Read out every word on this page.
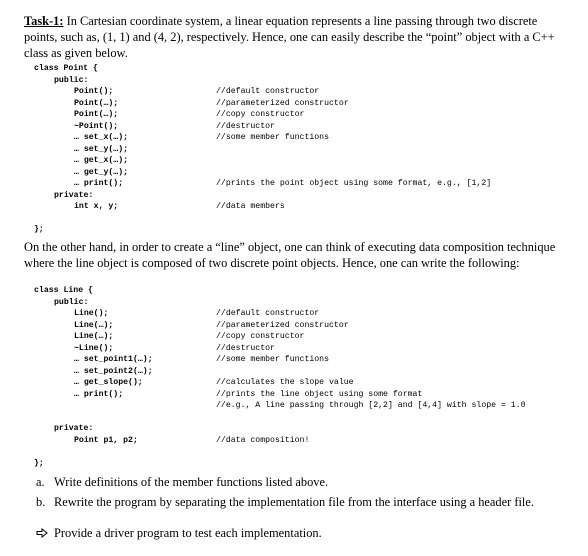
Task-1: In Cartesian coordinate system, a linear equation represents a line passing through two discrete points, such as, (1, 1) and (4, 2), respectively. Hence, one can easily describe the “point” object with a C++ class as given below.
class Point {
public:
Point();	//default constructor
Point(…);	//parameterized constructor
Point(…);	//copy constructor
~Point();	//destructor
… set_x(…);	//some member functions
… set_y(…);
… get_x(…);
… get_y(…);
… print();	//prints the point object using some format, e.g., [1,2]
private:
int x, y;	//data members
};
On the other hand, in order to create a “line” object, one can think of executing data composition technique where the line object is composed of two discrete point objects. Hence, one can write the following:
class Line {
public:
Line();	//default constructor
Line(…);	//parameterized constructor
Line(…);	//copy constructor
~Line();	//destructor
… set_point1(…);	//some member functions
… set_point2(…);
… get_slope();	//calculates the slope value
… print();	//prints the line object using some format
//e.g., A line passing through [2,2] and [4,4] with slope = 1.0
private:
Point p1, p2;	//data composition!
};
a. Write definitions of the member functions listed above.
b. Rewrite the program by separating the implementation file from the interface using a header file.
Provide a driver program to test each implementation.
